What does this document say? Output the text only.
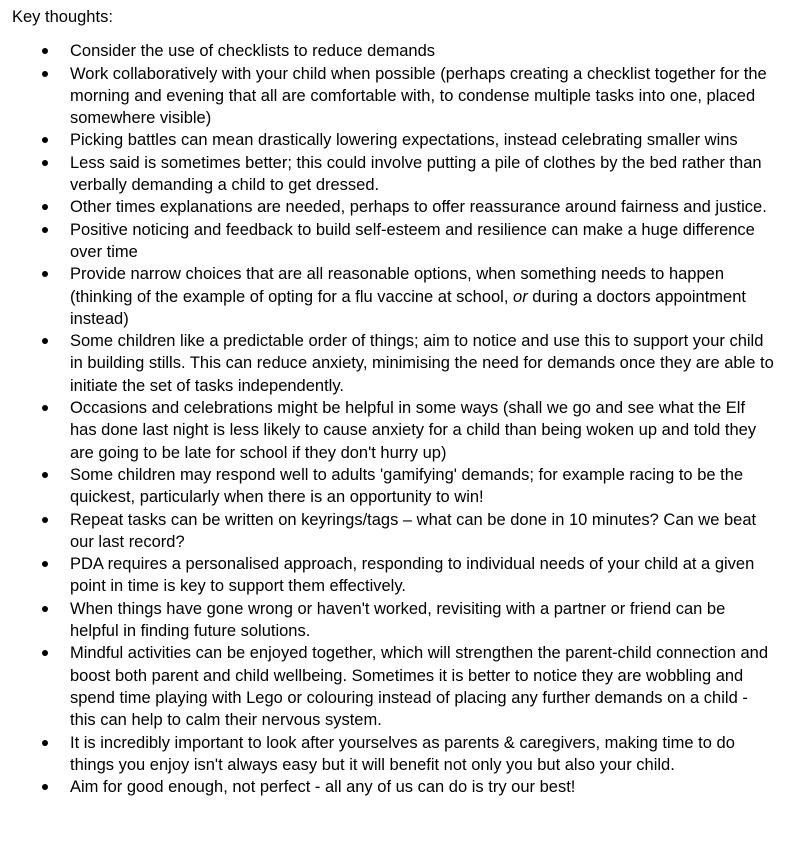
Key thoughts:
Consider the use of checklists to reduce demands
Work collaboratively with your child when possible (perhaps creating a checklist together for the morning and evening that all are comfortable with, to condense multiple tasks into one, placed somewhere visible)
Picking battles can mean drastically lowering expectations, instead celebrating smaller wins
Less said is sometimes better; this could involve putting a pile of clothes by the bed rather than verbally demanding a child to get dressed.
Other times explanations are needed, perhaps to offer reassurance around fairness and justice.
Positive noticing and feedback to build self-esteem and resilience can make a huge difference over time
Provide narrow choices that are all reasonable options, when something needs to happen (thinking of the example of opting for a flu vaccine at school, or during a doctors appointment instead)
Some children like a predictable order of things; aim to notice and use this to support your child in building stills. This can reduce anxiety, minimising the need for demands once they are able to initiate the set of tasks independently.
Occasions and celebrations might be helpful in some ways (shall we go and see what the Elf has done last night is less likely to cause anxiety for a child than being woken up and told they are going to be late for school if they don't hurry up)
Some children may respond well to adults 'gamifying' demands; for example racing to be the quickest, particularly when there is an opportunity to win!
Repeat tasks can be written on keyrings/tags – what can be done in 10 minutes? Can we beat our last record?
PDA requires a personalised approach, responding to individual needs of your child at a given point in time is key to support them effectively.
When things have gone wrong or haven't worked, revisiting with a partner or friend can be helpful in finding future solutions.
Mindful activities can be enjoyed together, which will strengthen the parent-child connection and boost both parent and child wellbeing. Sometimes it is better to notice they are wobbling and spend time playing with Lego or colouring instead of placing any further demands on a child - this can help to calm their nervous system.
It is incredibly important to look after yourselves as parents & caregivers, making time to do things you enjoy isn't always easy but it will benefit not only you but also your child.
Aim for good enough, not perfect - all any of us can do is try our best!
